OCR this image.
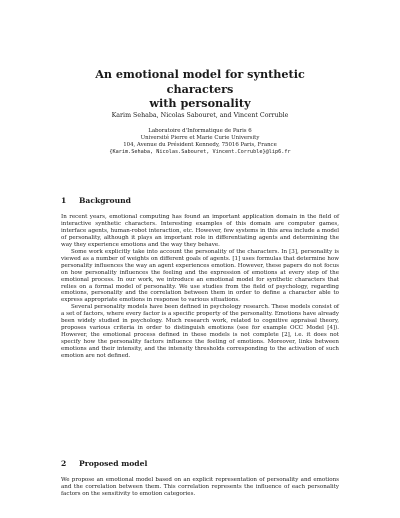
An emotional model for synthetic characters
with personality
Karim Sehaba, Nicolas Sabouret, and Vincent Corruble
Laboratoire d'Informatique de Paris 6
Université Pierre et Marie Curie University
104, Avenue du Président Kennedy, 75016 Paris, France
{Karim.Sehaba, Nicolas.Sabouret, Vincent.Corruble}@lip6.fr
1 Background

In recent years, emotional computing has found an important application domain in the field of interactive synthetic characters. Interesting examples of this domain are computer games, interface agents, human-robot interaction, etc. However, few systems in this area include a model of personality, although it plays an important role in differentiating agents and determining the way they experience emotions and the way they behave.

Some work explicitly take into account the personality of the characters. In [3], personality is viewed as a number of weights on different goals of agents. [1] uses formulas that determine how personality influences the way an agent experiences emotion. However, these papers do not focus on how personality influences the feeling and the expression of emotions at every step of the emotional process. In our work, we introduce an emotional model for synthetic characters that relies on a formal model of personality. We use studies from the field of psychology, regarding emotions, personality and the correlation between them in order to define a character able to express appropriate emotions in response to various situations.

Several personality models have been defined in psychology research. These models consist of a set of factors, where every factor is a specific property of the personality. Emotions have already been widely studied in psychology. Much research work, related to cognitive appraisal theory, proposes various criteria in order to distinguish emotions (see for example OCC Model [4]). However, the emotional process defined in these models is not complete [2], i.e. it does not specify how the personality factors influence the feeling of emotions. Moreover, links between emotions and their intensity, and the intensity thresholds corresponding to the activation of such emotion are not defined.

2 Proposed model

We propose an emotional model based on an explicit representation of personality and emotions and the correlation between them. This correlation represents the influence of each personality factors on the sensitivity to emotion categories.
